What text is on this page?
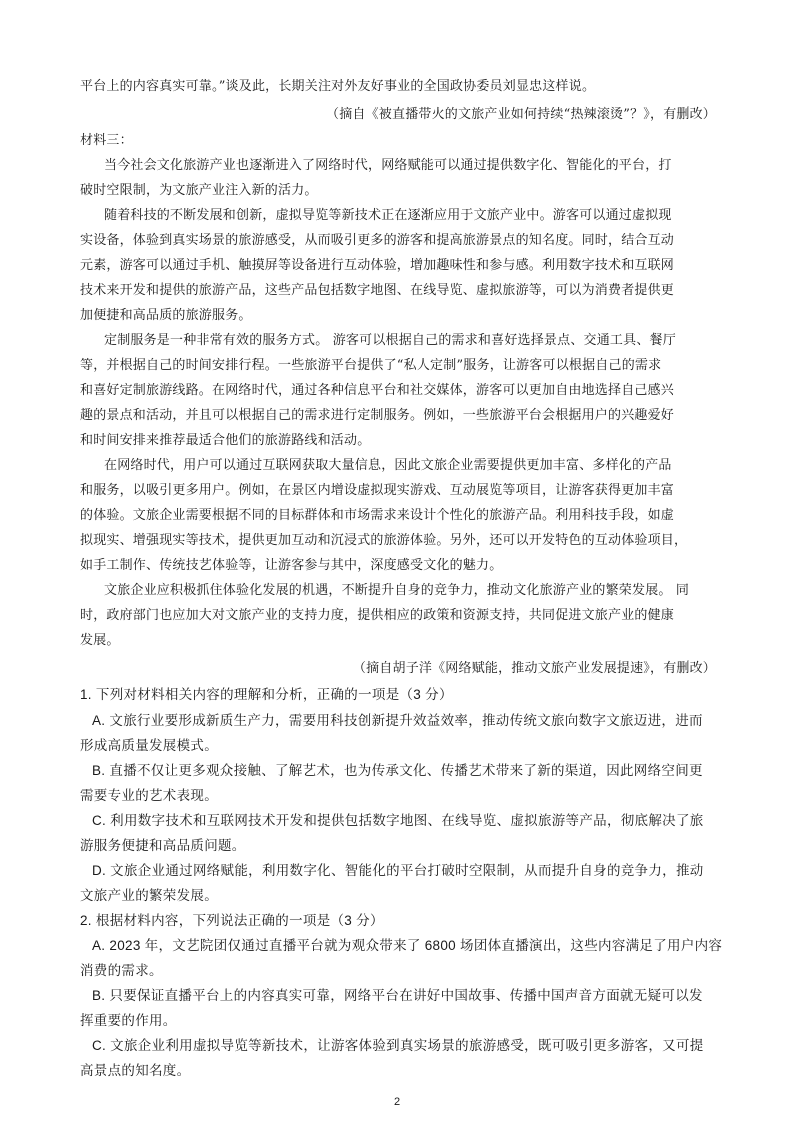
平台上的内容真实可靠。”谈及此，长期关注对外友好事业的全国政协委员刘显忠这样说。
（摘自《被直播带火的文旅产业如何持续“热辣滚烫”？》，有删改）
材料三：
当今社会文化旅游产业也逐渐进入了网络时代，网络赋能可以通过提供数字化、智能化的平台，打
破时空限制，为文旅产业注入新的活力。
随着科技的不断发展和创新，虚拟导览等新技术正在逐渐应用于文旅产业中。游客可以通过虚拟现
实设备，体验到真实场景的旅游感受，从而吸引更多的游客和提高旅游景点的知名度。同时，结合互动
元素，游客可以通过手机、触摸屏等设备进行互动体验，增加趣味性和参与感。利用数字技术和互联网
技术来开发和提供的旅游产品，这些产品包括数字地图、在线导览、虚拟旅游等，可以为消费者提供更
加便捷和高品质的旅游服务。
定制服务是一种非常有效的服务方式。 游客可以根据自己的需求和喜好选择景点、交通工具、餐厅
等，并根据自己的时间安排行程。一些旅游平台提供了“私人定制”服务，让游客可以根据自己的需求
和喜好定制旅游线路。在网络时代，通过各种信息平台和社交媒体，游客可以更加自由地选择自己感兴
趣的景点和活动，并且可以根据自己的需求进行定制服务。例如，一些旅游平台会根据用户的兴趣爱好
和时间安排来推荐最适合他们的旅游路线和活动。
在网络时代，用户可以通过互联网获取大量信息，因此文旅企业需要提供更加丰富、多样化的产品
和服务，以吸引更多用户。例如，在景区内增设虚拟现实游戏、互动展览等项目，让游客获得更加丰富
的体验。文旅企业需要根据不同的目标群体和市场需求来设计个性化的旅游产品。利用科技手段，如虚
拟现实、增强现实等技术，提供更加互动和沉浸式的旅游体验。另外，还可以开发特色的互动体验项目，
如手工制作、传统技艺体验等，让游客参与其中，深度感受文化的魅力。
文旅企业应积极抓住体验化发展的机遇，不断提升自身的竞争力，推动文化旅游产业的繁荣发展。 同
时，政府部门也应加大对文旅产业的支持力度，提供相应的政策和资源支持，共同促进文旅产业的健康
发展。
（摘自胡子洋《网络赋能，推动文旅产业发展提速》，有删改）
1. 下列对材料相关内容的理解和分析，正确的一项是（3 分）
A. 文旅行业要形成新质生产力，需要用科技创新提升效益效率，推动传统文旅向数字文旅迈进，进而
形成高质量发展模式。
B. 直播不仅让更多观众接触、了解艺术，也为传承文化、传播艺术带来了新的渠道，因此网络空间更
需要专业的艺术表现。
C. 利用数字技术和互联网技术开发和提供包括数字地图、在线导览、虚拟旅游等产品，彻底解决了旅
游服务便捷和高品质问题。
D. 文旅企业通过网络赋能，利用数字化、智能化的平台打破时空限制，从而提升自身的竞争力，推动
文旅产业的繁荣发展。
2. 根据材料内容，下列说法正确的一项是（3 分）
A. 2023 年，文艺院团仅通过直播平台就为观众带来了 6800 场团体直播演出，这些内容满足了用户内容
消费的需求。
B. 只要保证直播平台上的内容真实可靠，网络平台在讲好中国故事、传播中国声音方面就无疑可以发
挥重要的作用。
C. 文旅企业利用虚拟导览等新技术，让游客体验到真实场景的旅游感受，既可吸引更多游客，又可提
高景点的知名度。
2
